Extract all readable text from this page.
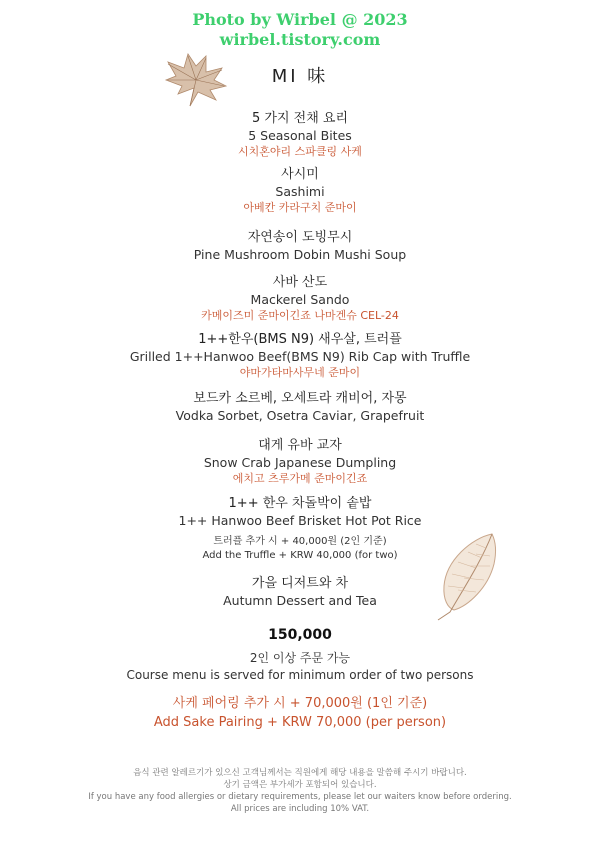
Photo by Wirbel @ 2023
wirbel.tistory.com
MI 味
5 가지 전채 요리
5 Seasonal Bites
시치혼야리 스파클링 사케
사시미
Sashimi
아베칸 카라구치 준마이
자연송이 도빙무시
Pine Mushroom Dobin Mushi Soup
사바 산도
Mackerel Sando
카메이즈미 준마이긴죠 나마겐슈 CEL-24
1++한우(BMS N9) 새우살, 트러플
Grilled 1++Hanwoo Beef(BMS N9) Rib Cap with Truffle
야마가타마사무네 준마이
보드카 소르베, 오세트라 캐비어, 자몽
Vodka Sorbet, Osetra Caviar, Grapefruit
대게 유바 교자
Snow Crab Japanese Dumpling
에치고 츠루가메 준마이긴죠
1++ 한우 차돌박이 솥밥
1++ Hanwoo Beef Brisket Hot Pot Rice
트러플 추가 시 + 40,000원 (2인 기준)
Add the Truffle + KRW 40,000 (for two)
가을 디저트와 차
Autumn Dessert and Tea
150,000
2인 이상 주문 가능
Course menu is served for minimum order of two persons
사케 페어링 추가 시 + 70,000원 (1인 기준)
Add Sake Pairing + KRW 70,000 (per person)
음식 관련 알레르기가 있으신 고객님께서는 직원에게 해당 내용을 말씀해 주시기 바랍니다.
상기 금액은 부가세가 포함되어 있습니다.
If you have any food allergies or dietary requirements, please let our waiters know before ordering.
All prices are including 10% VAT.
